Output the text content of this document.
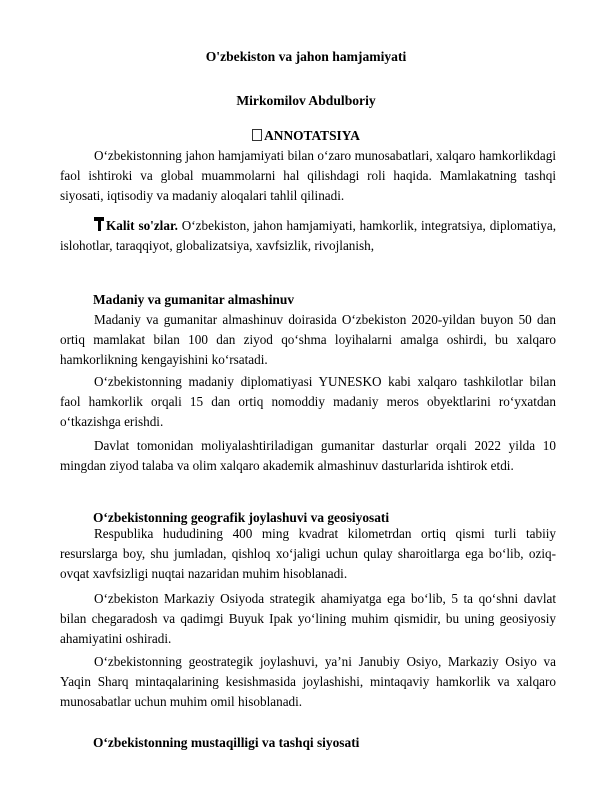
O'zbekiston va jahon hamjamiyati
Mirkomilov Abdulboriy
ANNOTATSIYA
O‘zbekistonning jahon hamjamiyati bilan o‘zaro munosabatlari, xalqaro hamkorlikdagi faol ishtiroki va global muammolarni hal qilishdagi roli haqida. Mamlakatning tashqi siyosati, iqtisodiy va madaniy aloqalari tahlil qilinadi.
Kalit so'zlar. O‘zbekiston, jahon hamjamiyati, hamkorlik, integratsiya, diplomatiya, islohotlar, taraqqiyot, globalizatsiya, xavfsizlik, rivojlanish,
Madaniy va gumanitar almashinuv
Madaniy va gumanitar almashinuv doirasida O‘zbekiston 2020-yildan buyon 50 dan ortiq mamlakat bilan 100 dan ziyod qo‘shma loyihalarni amalga oshirdi, bu xalqaro hamkorlikning kengayishini ko‘rsatadi.
O‘zbekistonning madaniy diplomatiyasi YUNESKO kabi xalqaro tashkilotlar bilan faol hamkorlik orqali 15 dan ortiq nomoddiy madaniy meros obyektlarini ro‘yxatdan o‘tkazishga erishdi.
Davlat tomonidan moliyalashtiriladigan gumanitar dasturlar orqali 2022 yilda 10 mingdan ziyod talaba va olim xalqaro akademik almashinuv dasturlarida ishtirok etdi.
O‘zbekistonning geografik joylashuvi va geosiyosati
Respublika hududining 400 ming kvadrat kilometrdan ortiq qismi turli tabiiy resurslarga boy, shu jumladan, qishloq xo‘jaligi uchun qulay sharoitlarga ega bo‘lib, oziq-ovqat xavfsizligi nuqtai nazaridan muhim hisoblanadi.
O‘zbekiston Markaziy Osiyoda strategik ahamiyatga ega bo‘lib, 5 ta qo‘shni davlat bilan chegaradosh va qadimgi Buyuk Ipak yo‘lining muhim qismidir, bu uning geosiyosiy ahamiyatini oshiradi.
O‘zbekistonning geostrategik joylashuvi, ya’ni Janubiy Osiyo, Markaziy Osiyo va Yaqin Sharq mintaqalarining kesishmasida joylashishi, mintaqaviy hamkorlik va xalqaro munosabatlar uchun muhim omil hisoblanadi.
O‘zbekistonning mustaqilligi va tashqi siyosati
